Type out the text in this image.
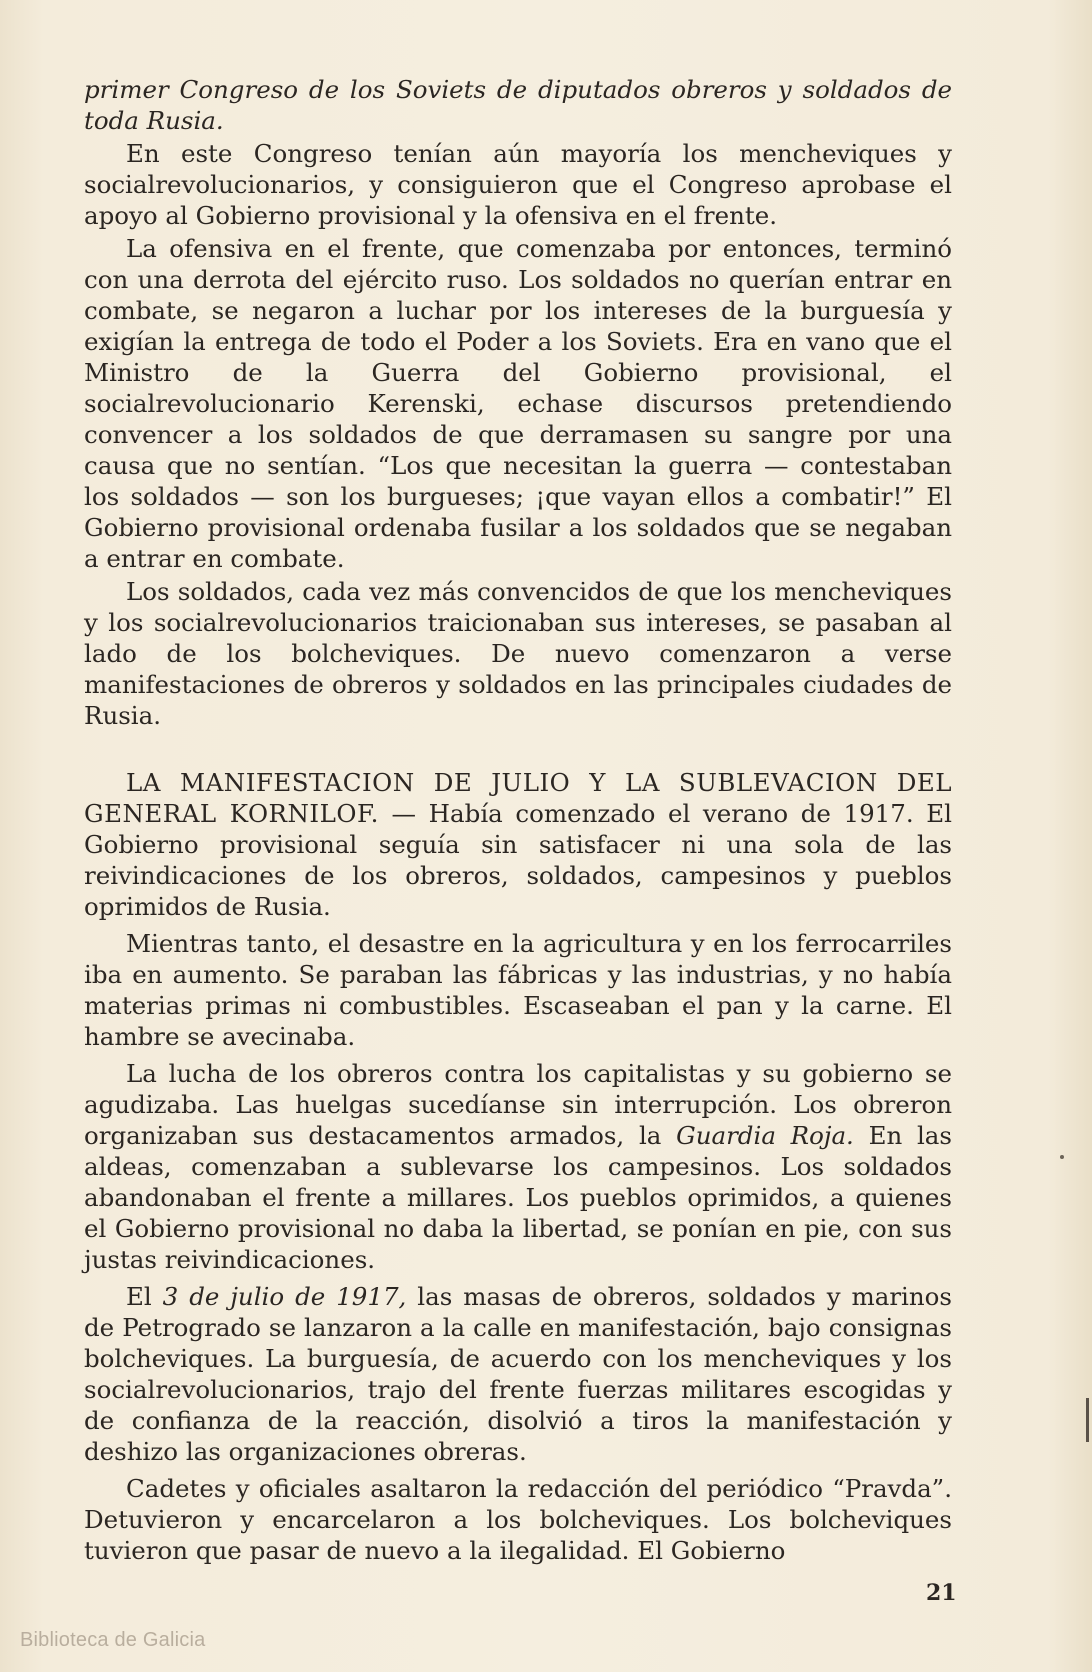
primer Congreso de los Soviets de diputados obreros y soldados de toda Rusia.

En este Congreso tenían aún mayoría los mencheviques y socialrevolucionarios, y consiguieron que el Congreso aprobase el apoyo al Gobierno provisional y la ofensiva en el frente.

La ofensiva en el frente, que comenzaba por entonces, terminó con una derrota del ejército ruso. Los soldados no querían entrar en combate, se negaron a luchar por los intereses de la burguesía y exigían la entrega de todo el Poder a los Soviets. Era en vano que el Ministro de la Guerra del Gobierno provisional, el socialrevolucionario Kerenski, echase discursos pretendiendo convencer a los soldados de que derramasen su sangre por una causa que no sentían. “Los que necesitan la guerra — contestaban los soldados — son los burgueses; ¡que vayan ellos a combatir!” El Gobierno provisional ordenaba fusilar a los soldados que se negaban a entrar en combate.

Los soldados, cada vez más convencidos de que los mencheviques y los socialrevolucionarios traicionaban sus intereses, se pasaban al lado de los bolcheviques. De nuevo comenzaron a verse manifestaciones de obreros y soldados en las principales ciudades de Rusia.

LA MANIFESTACION DE JULIO Y LA SUBLEVACION DEL GENERAL KORNILOF. — Había comenzado el verano de 1917. El Gobierno provisional seguía sin satisfacer ni una sola de las reivindicaciones de los obreros, soldados, campesinos y pueblos oprimidos de Rusia.

Mientras tanto, el desastre en la agricultura y en los ferrocarriles iba en aumento. Se paraban las fábricas y las industrias, y no había materias primas ni combustibles. Escaseaban el pan y la carne. El hambre se avecinaba.

La lucha de los obreros contra los capitalistas y su gobierno se agudizaba. Las huelgas sucedíanse sin interrupción. Los obreron organizaban sus destacamentos armados, la Guardia Roja. En las aldeas, comenzaban a sublevarse los campesinos. Los soldados abandonaban el frente a millares. Los pueblos oprimidos, a quienes el Gobierno provisional no daba la libertad, se ponían en pie, con sus justas reivindicaciones.

El 3 de julio de 1917, las masas de obreros, soldados y marinos de Petrogrado se lanzaron a la calle en manifestación, bajo consignas bolcheviques. La burguesía, de acuerdo con los mencheviques y los socialrevolucionarios, trajo del frente fuerzas militares escogidas y de confianza de la reacción, disolvió a tiros la manifestación y deshizo las organizaciones obreras.

Cadetes y oficiales asaltaron la redacción del periódico “Pravda”. Detuvieron y encarcelaron a los bolcheviques. Los bolcheviques tuvieron que pasar de nuevo a la ilegalidad. El Gobierno

21
Biblioteca de Galicia
